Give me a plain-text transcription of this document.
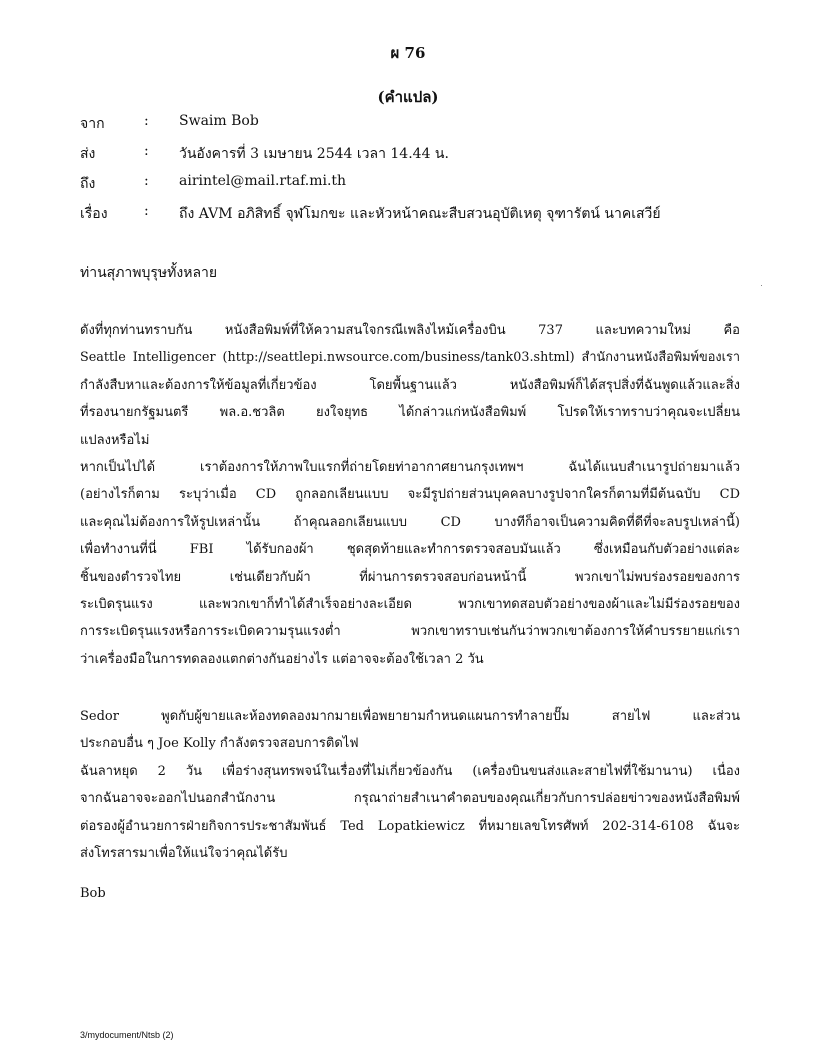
ผ 76
(คำแปล)
จาก	: Swaim Bob
ส่ง	: วันอังคารที่ 3 เมษายน 2544 เวลา 14.44 น.
ถึง	: airintel@mail.rtaf.mi.th
เรื่อง	: ถึง AVM อภิสิทธิ์ จุฬโมกขะ และหัวหน้าคณะสืบสวนอุบัติเหตุ จุฑารัตน์ นาคเสวีย์
ท่านสุภาพบุรุษทั้งหลาย
ดังที่ทุกท่านทราบกัน หนังสือพิมพ์ที่ให้ความสนใจกรณีเพลิงไหม้เครื่องบิน 737 และบทความใหม่ คือ
Seattle Intelligencer (http://seattlepi.nwsource.com/business/tank03.shtml) สำนักงานหนังสือพิมพ์ของเรา
กำลังสืบหาและต้องการให้ข้อมูลที่เกี่ยวข้อง โดยพื้นฐานแล้ว หนังสือพิมพ์ก็ได้สรุปสิ่งที่ฉันพูดแล้วและสิ่ง
ที่รองนายกรัฐมนตรี พล.อ.ชวลิต ยงใจยุทธ ได้กล่าวแก่หนังสือพิมพ์ โปรดให้เราทราบว่าคุณจะเปลี่ยน
แปลงหรือไม่
หากเป็นไปได้ เราต้องการให้ภาพใบแรกที่ถ่ายโดยท่าอากาศยานกรุงเทพฯ ฉันได้แนบสำเนารูปถ่ายมาแล้ว
(อย่างไรก็ตาม ระบุว่าเมื่อ CD ถูกลอกเลียนแบบ จะมีรูปถ่ายส่วนบุคคลบางรูปจากใครก็ตามที่มีต้นฉบับ CD
และคุณไม่ต้องการให้รูปเหล่านั้น ถ้าคุณลอกเลียนแบบ CD บางทีก็อาจเป็นความคิดที่ดีที่จะลบรูปเหล่านี้)
เพื่อทำงานที่นี่ FBI ได้รับกองผ้า ชุดสุดท้ายและทำการตรวจสอบมันแล้ว ซึ่งเหมือนกับตัวอย่างแต่ละ
ชิ้นของตำรวจไทย เช่นเดียวกับผ้า ที่ผ่านการตรวจสอบก่อนหน้านี้ พวกเขาไม่พบร่องรอยของการ
ระเบิดรุนแรง และพวกเขาก็ทำได้สำเร็จอย่างละเอียด พวกเขาทดสอบตัวอย่างของผ้าและไม่มีร่องรอยของ
การระเบิดรุนแรงหรือการระเบิดความรุนแรงต่ำ พวกเขาทราบเช่นกันว่าพวกเขาต้องการให้คำบรรยายแก่เรา
ว่าเครื่องมือในการทดลองแตกต่างกันอย่างไร แต่อาจจะต้องใช้เวลา 2 วัน
Sedor พูดกับผู้ขายและห้องทดลองมากมายเพื่อพยายามกำหนดแผนการทำลายปั๊ม สายไฟ และส่วน
ประกอบอื่น ๆ Joe Kolly กำลังตรวจสอบการติดไฟ
ฉันลาหยุด 2 วัน เพื่อร่างสุนทรพจน์ในเรื่องที่ไม่เกี่ยวข้องกัน (เครื่องบินขนส่งและสายไฟที่ใช้มานาน) เนื่อง
จากฉันอาจจะออกไปนอกสำนักงาน กรุณาถ่ายสำเนาคำตอบของคุณเกี่ยวกับการปล่อยข่าวของหนังสือพิมพ์
ต่อรองผู้อำนวยการฝ่ายกิจการประชาสัมพันธ์ Ted Lopatkiewicz ที่หมายเลขโทรศัพท์ 202-314-6108 ฉันจะ
ส่งโทรสารมาเพื่อให้แน่ใจว่าคุณได้รับ
Bob
3/mydocument/Ntsb (2)
